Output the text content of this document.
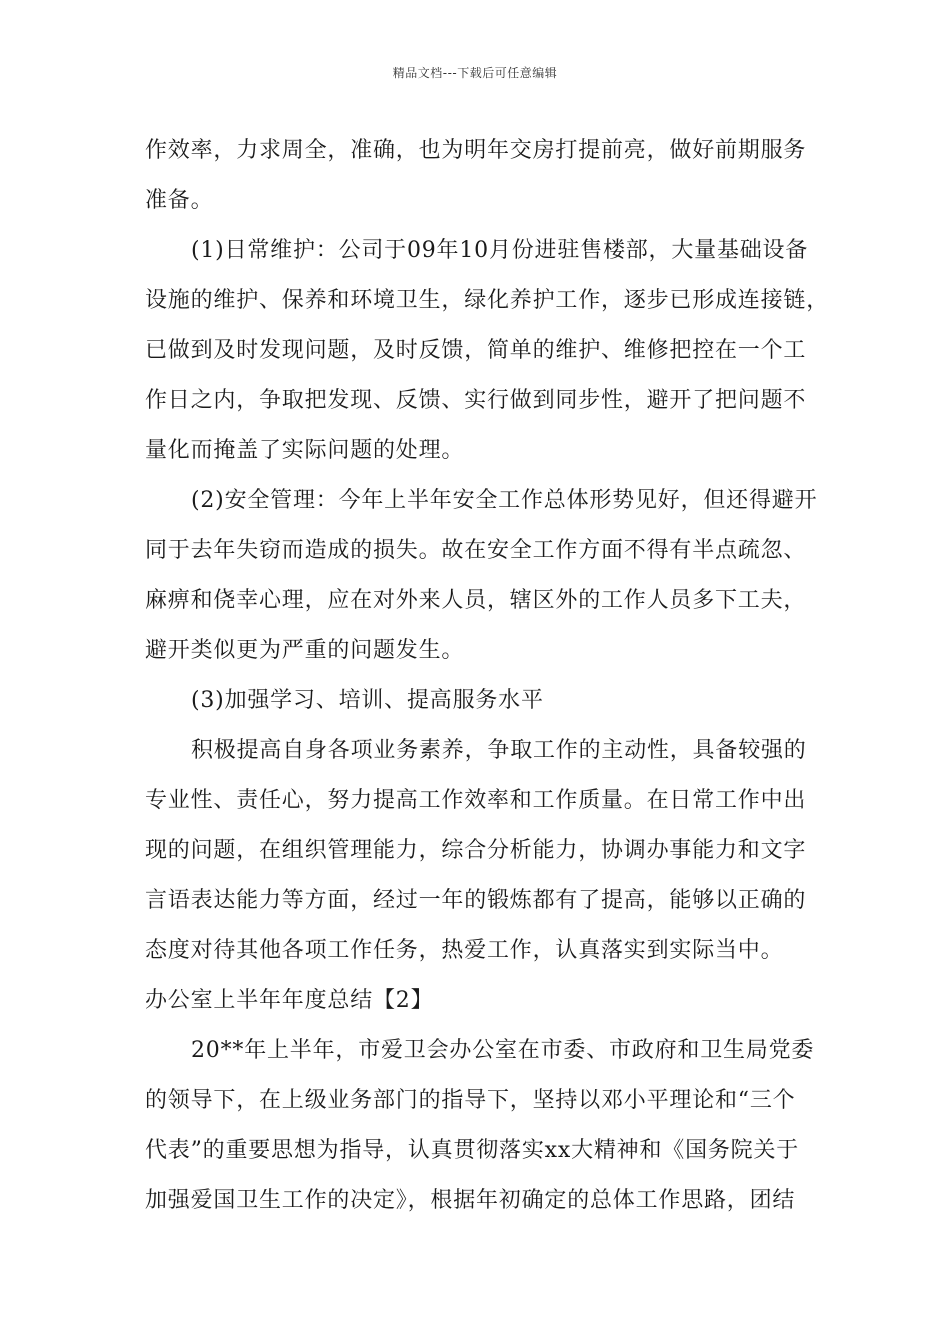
精品文档---下载后可任意编辑
作效率，力求周全，准确，也为明年交房打提前亮，做好前期服务
准备。
(1)日常维护：公司于09年10月份进驻售楼部，大量基础设备
设施的维护、保养和环境卫生，绿化养护工作，逐步已形成连接链，
已做到及时发现问题，及时反馈，简单的维护、维修把控在一个工
作日之内，争取把发现、反馈、实行做到同步性，避开了把问题不
量化而掩盖了实际问题的处理。
(2)安全管理：今年上半年安全工作总体形势见好，但还得避开
同于去年失窃而造成的损失。故在安全工作方面不得有半点疏忽、
麻痹和侥幸心理，应在对外来人员，辖区外的工作人员多下工夫，
避开类似更为严重的问题发生。
(3)加强学习、培训、提高服务水平
积极提高自身各项业务素养，争取工作的主动性，具备较强的
专业性、责任心，努力提高工作效率和工作质量。在日常工作中出
现的问题，在组织管理能力，综合分析能力，协调办事能力和文字
言语表达能力等方面，经过一年的锻炼都有了提高，能够以正确的
态度对待其他各项工作任务，热爱工作，认真落实到实际当中。
办公室上半年年度总结【2】
20**年上半年，市爱卫会办公室在市委、市政府和卫生局党委
的领导下，在上级业务部门的指导下，坚持以邓小平理论和“三个
代表”的重要思想为指导，认真贯彻落实xx大精神和《国务院关于
加强爱国卫生工作的决定》，根据年初确定的总体工作思路，团结
